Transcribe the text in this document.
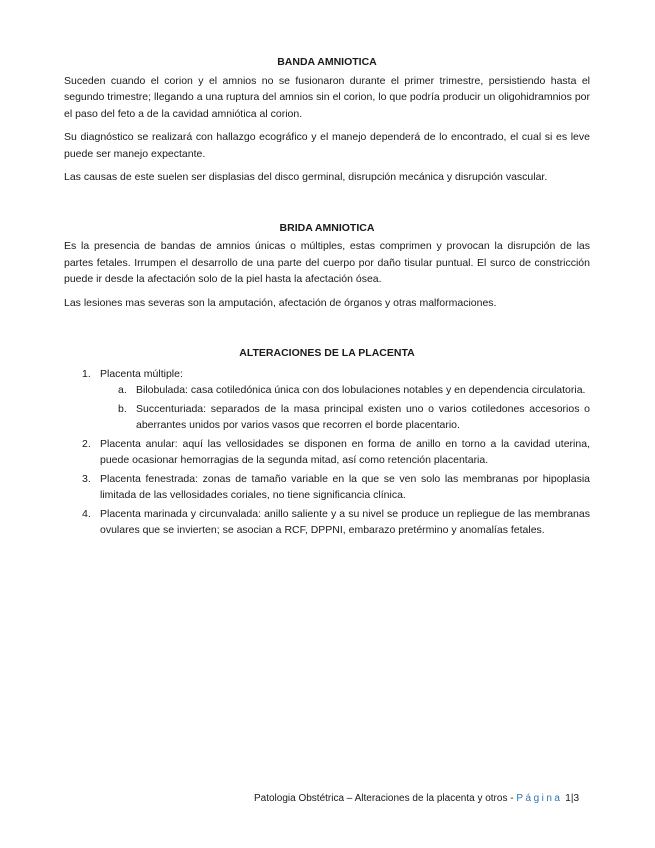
BANDA AMNIOTICA

Suceden cuando el corion y el amnios no se fusionaron durante el primer trimestre, persistiendo hasta el segundo trimestre; llegando a una ruptura del amnios sin el corion, lo que podría producir un oligohidramnios por el paso del feto a de la cavidad amniótica al corion.

Su diagnóstico se realizará con hallazgo ecográfico y el manejo dependerá de lo encontrado, el cual si es leve puede ser manejo expectante.

Las causas de este suelen ser displasias del disco germinal, disrupción mecánica y disrupción vascular.

BRIDA AMNIOTICA

Es la presencia de bandas de amnios únicas o múltiples, estas comprimen y provocan la disrupción de las partes fetales. Irrumpen el desarrollo de una parte del cuerpo por daño tisular puntual. El surco de constricción puede ir desde la afectación solo de la piel hasta la afectación ósea.

Las lesiones mas severas son la amputación, afectación de órganos y otras malformaciones.

ALTERACIONES DE LA PLACENTA
1. Placenta múltiple:
a. Bilobulada: casa cotiledónica única con dos lobulaciones notables y en dependencia circulatoria.
b. Succenturiada: separados de la masa principal existen uno o varios cotiledones accesorios o aberrantes unidos por varios vasos que recorren el borde placentario.
2. Placenta anular: aquí las vellosidades se disponen en forma de anillo en torno a la cavidad uterina, puede ocasionar hemorragias de la segunda mitad, así como retención placentaria.
3. Placenta fenestrada: zonas de tamaño variable en la que se ven solo las membranas por hipoplasia limitada de las vellosidades coriales, no tiene significancia clínica.
4. Placenta marinada y circunvalada: anillo saliente y a su nivel se produce un repliegue de las membranas ovulares que se invierten; se asocian a RCF, DPPNI, embarazo pretérmino y anomalías fetales.
Patologia Obstétrica – Alteraciones de la placenta y otros - Página 1|3
